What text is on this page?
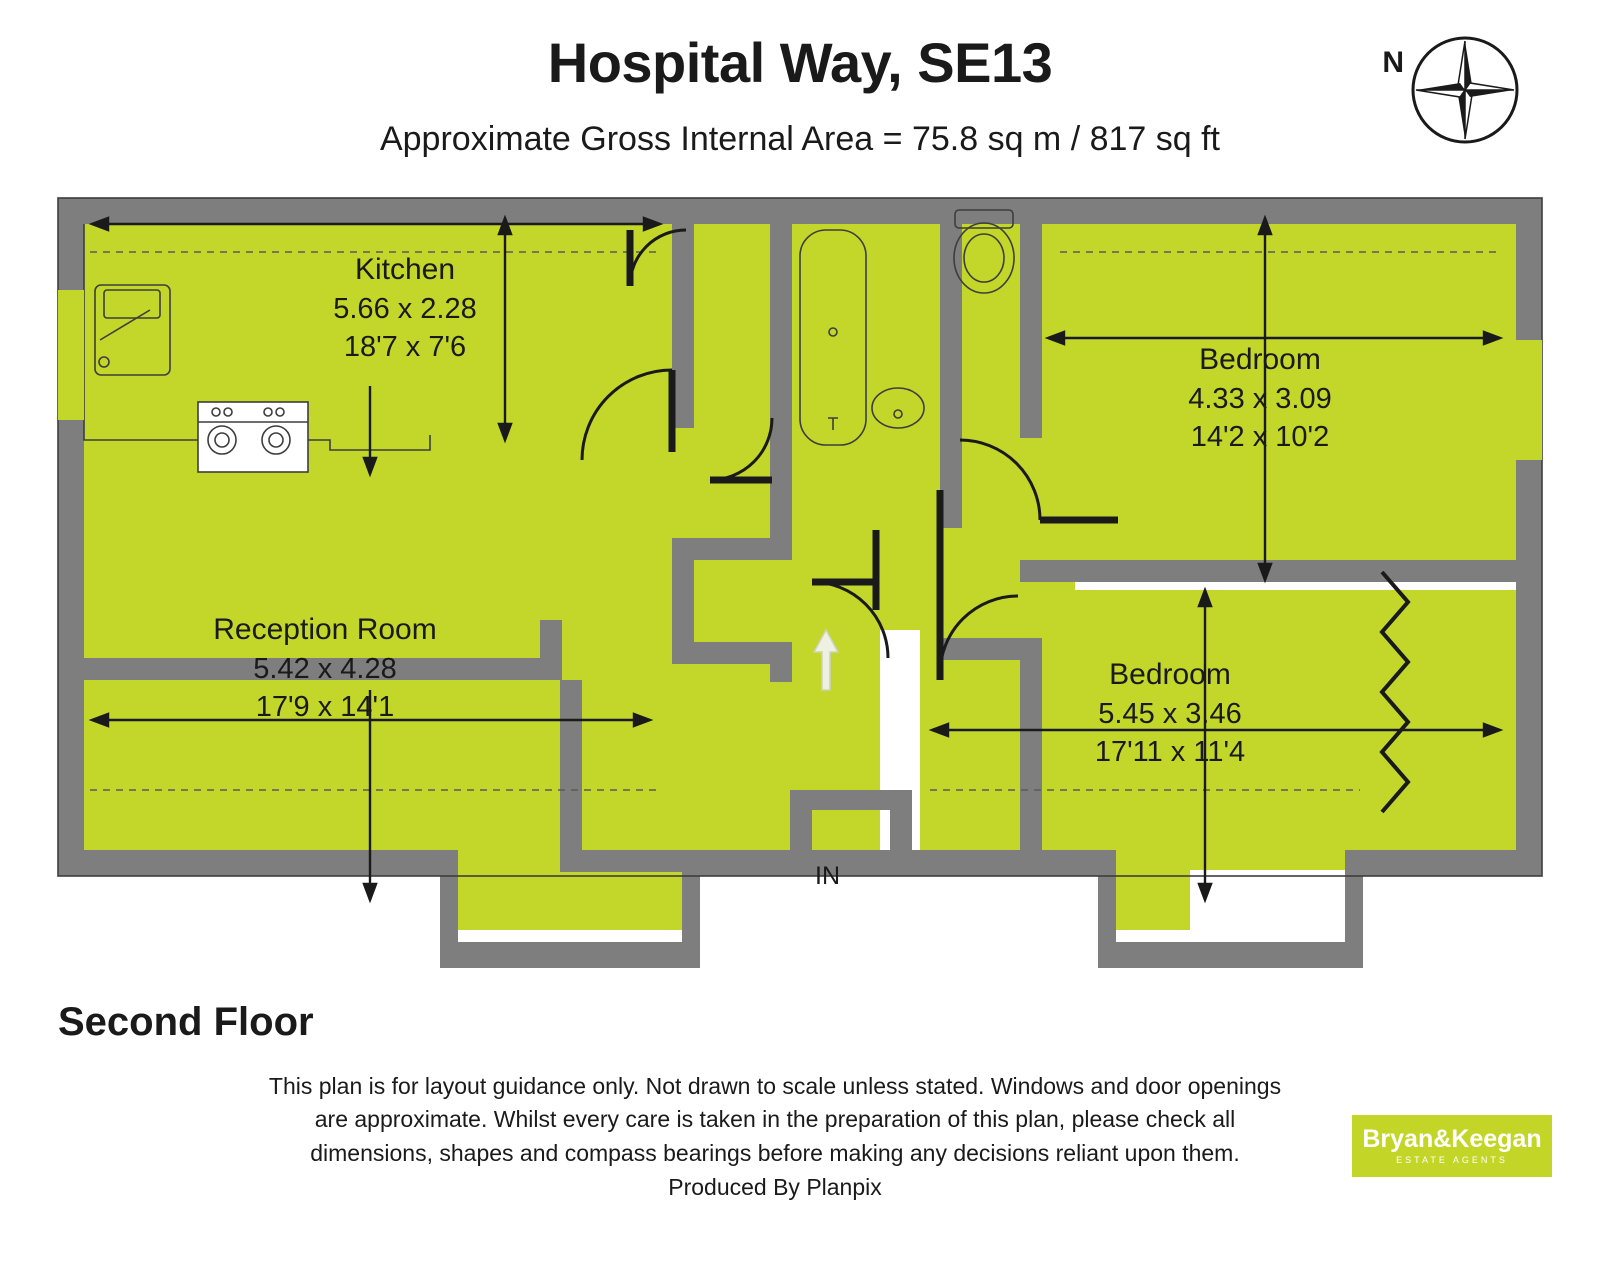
Hospital Way, SE13
Approximate Gross Internal Area = 75.8 sq m / 817 sq ft
N
Kitchen
5.66 x 2.28
18'7 x 7'6
Reception Room
5.42 x 4.28
17'9 x 14'1
Bedroom
4.33 x 3.09
14'2 x 10'2
Bedroom
5.45 x 3.46
17'11 x 11'4
IN
Second Floor
This plan is for layout guidance only. Not drawn to scale unless stated. Windows and door openings
are approximate. Whilst every care is taken in the preparation of this plan, please check all
dimensions, shapes and compass bearings before making any decisions reliant upon them.
Produced By Planpix
Bryan&Keegan
ESTATE AGENTS
